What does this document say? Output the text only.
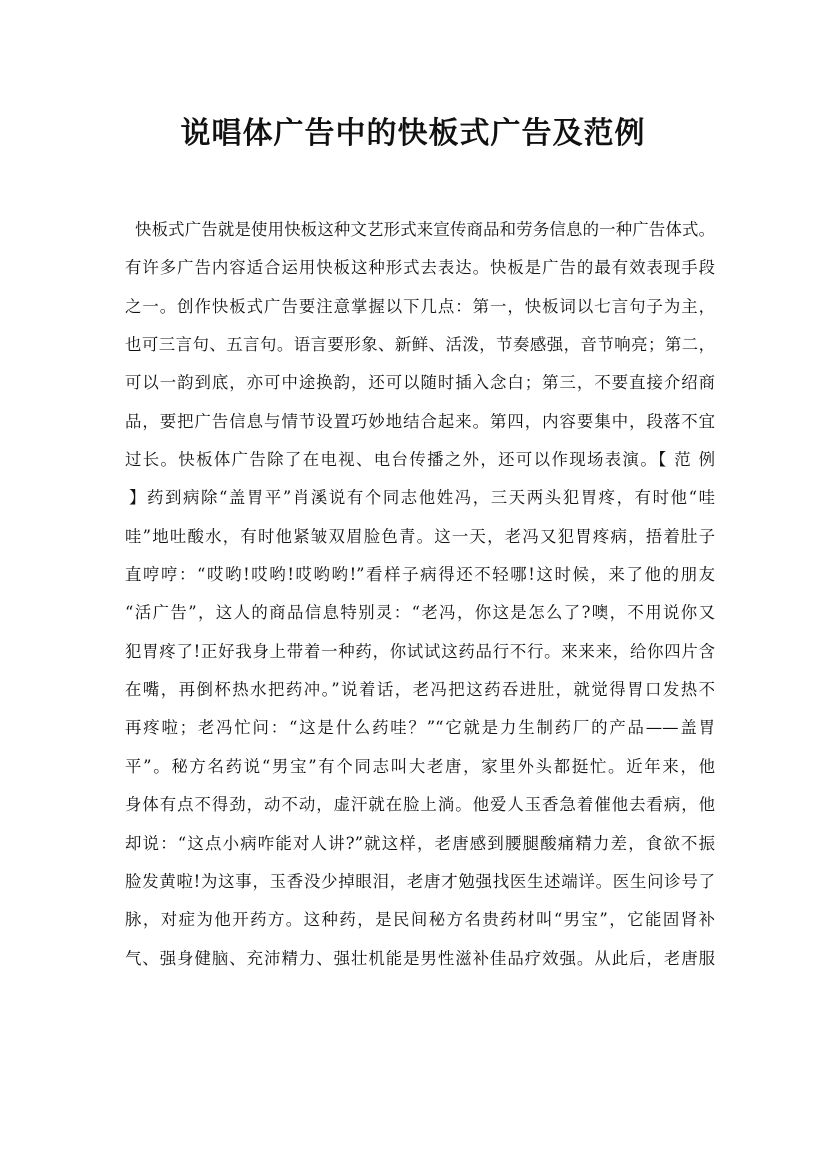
说唱体广告中的快板式广告及范例
快板式广告就是使用快板这种文艺形式来宣传商品和劳务信息的一种广告体式。
有许多广告内容适合运用快板这种形式去表达。快板是广告的最有效表现手段
之一。创作快板式广告要注意掌握以下几点：第一，快板词以七言句子为主，
也可三言句、五言句。语言要形象、新鲜、活泼，节奏感强，音节响亮；第二，
可以一韵到底，亦可中途换韵，还可以随时插入念白；第三，不要直接介绍商
品，要把广告信息与情节设置巧妙地结合起来。第四，内容要集中，段落不宜
过长。快板体广告除了在电视、电台传播之外，还可以作现场表演。【 范 例
】药到病除“盖胃平”肖溪说有个同志他姓冯，三天两头犯胃疼，有时他“哇
哇”地吐酸水，有时他紧皱双眉脸色青。这一天，老冯又犯胃疼病，捂着肚子
直哼哼：“哎哟!哎哟!哎哟哟!”看样子病得还不轻哪!这时候，来了他的朋友
“活广告”，这人的商品信息特别灵：“老冯，你这是怎么了?噢，不用说你又
犯胃疼了!正好我身上带着一种药，你试试这药品行不行。来来来，给你四片含
在嘴，再倒杯热水把药冲。”说着话，老冯把这药吞进肚，就觉得胃口发热不
再疼啦；老冯忙问：“这是什么药哇？”“它就是力生制药厂的产品——盖胃
平”。秘方名药说“男宝”有个同志叫大老唐，家里外头都挺忙。近年来，他
身体有点不得劲，动不动，虚汗就在脸上淌。他爱人玉香急着催他去看病，他
却说：“这点小病咋能对人讲?”就这样，老唐感到腰腿酸痛精力差，食欲不振
脸发黄啦!为这事，玉香没少掉眼泪，老唐才勉强找医生述端详。医生问诊号了
脉，对症为他开药方。这种药，是民间秘方名贵药材叫“男宝”，它能固肾补
气、强身健脑、充沛精力、强壮机能是男性滋补佳品疗效强。从此后，老唐服
